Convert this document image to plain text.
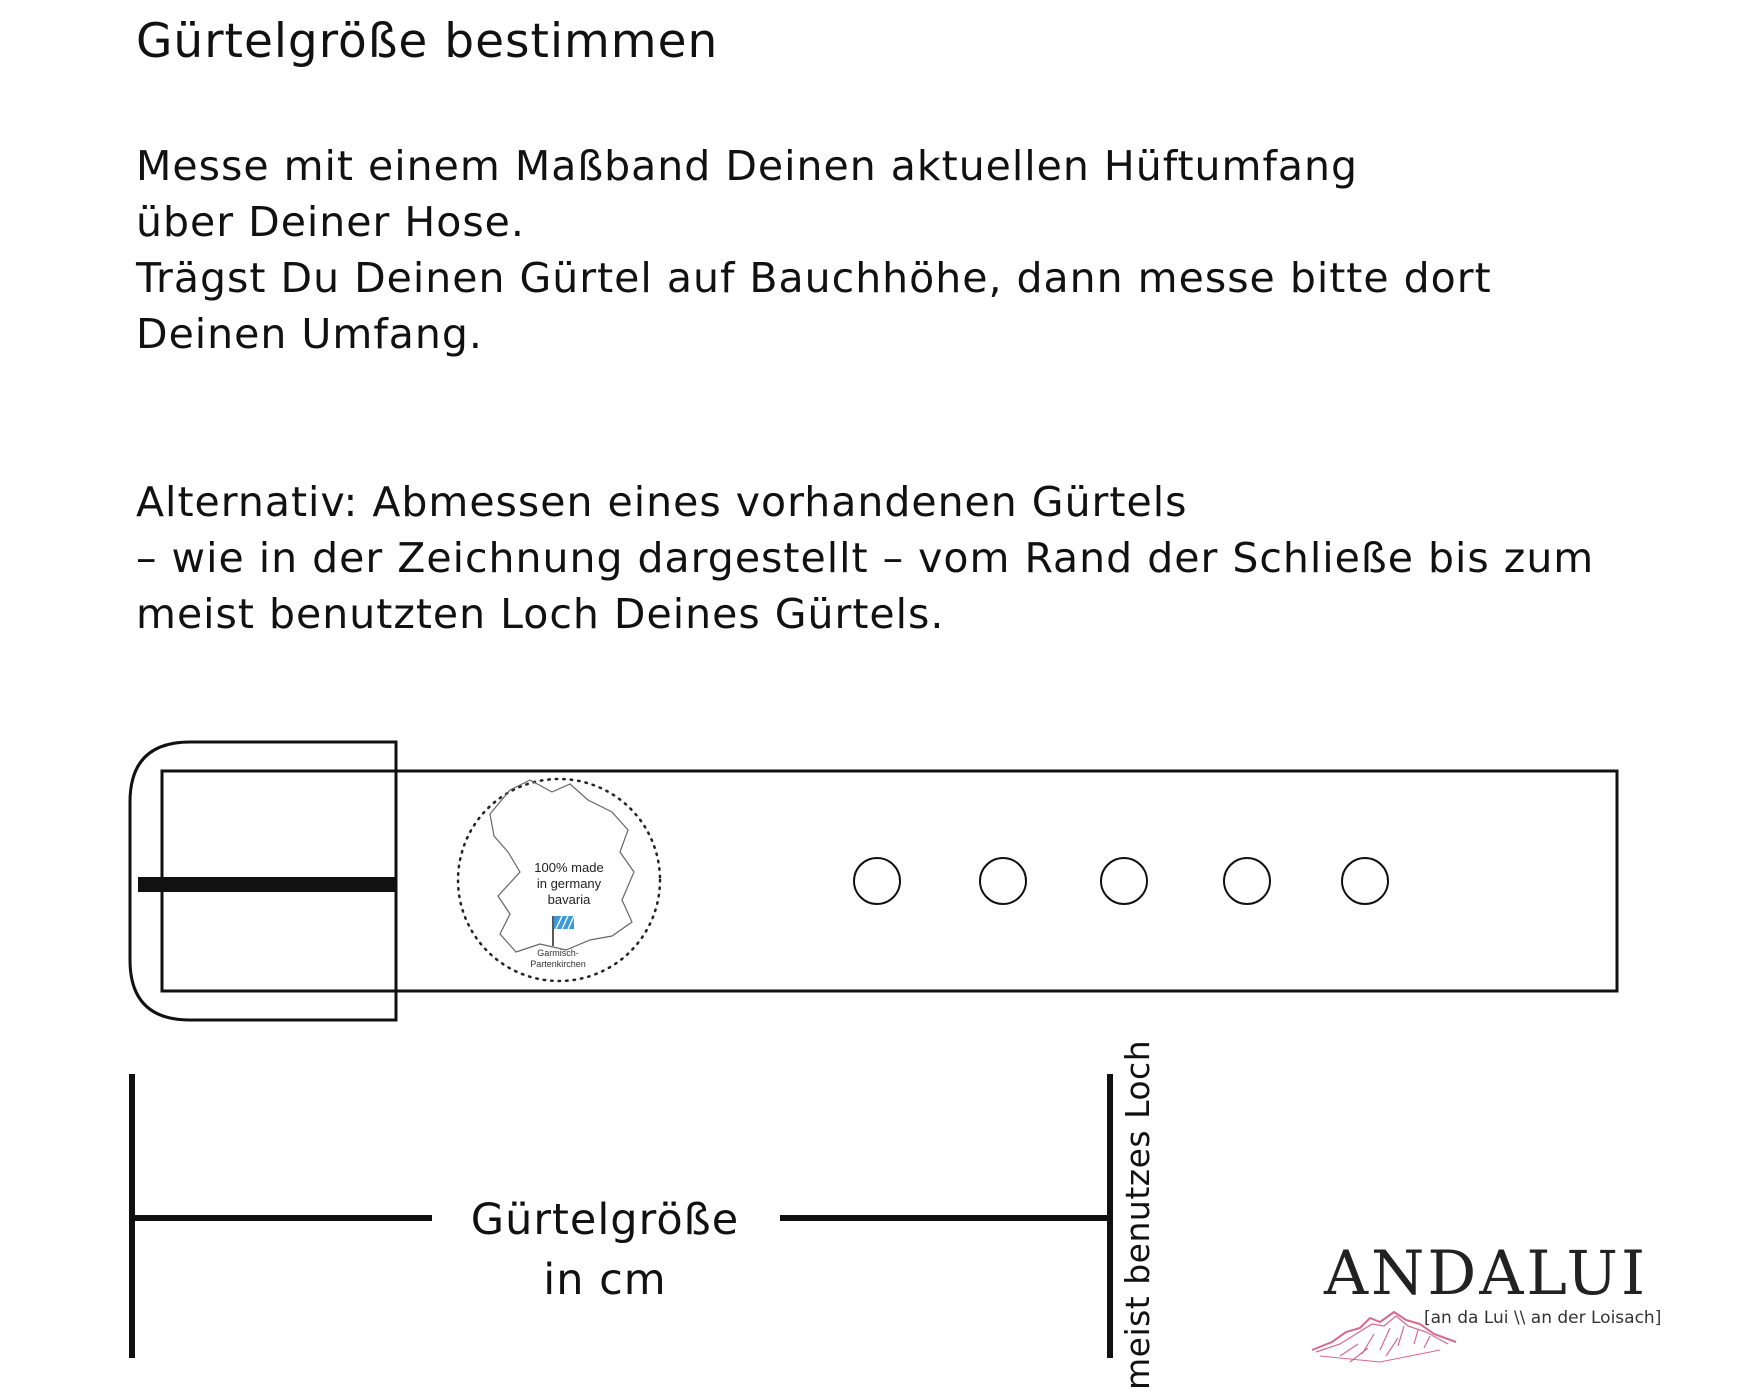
Gürtelgröße bestimmen
Messe mit einem Maßband Deinen aktuellen Hüftumfang
über Deiner Hose.
Trägst Du Deinen Gürtel auf Bauchhöhe, dann messe bitte dort
Deinen Umfang.
Alternativ: Abmessen eines vorhandenen Gürtels
– wie in der Zeichnung dargestellt – vom Rand der Schließe bis zum
meist benutzten Loch Deines Gürtels.
100% made
in germany
bavaria
Garmisch-
Partenkirchen
Gürtelgröße
in cm	meist benutzes Loch	ANDALUI
[an da Lui \\ an der Loisach]
